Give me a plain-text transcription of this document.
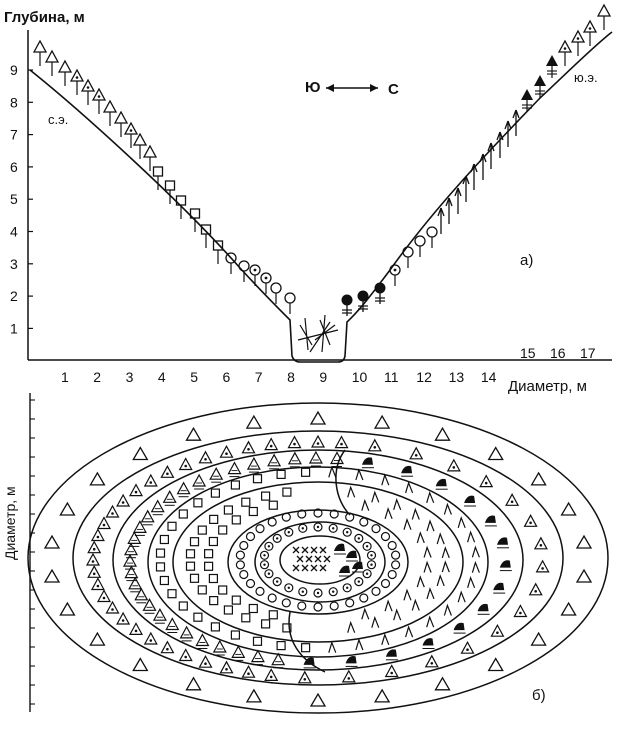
9
8
7
6
5
4
3
2
1
1 2 3 4 5 6 7 8 9 10 11 12 13 14
15 16 17
Глубина, м
Диаметр, м
с.э.
ю.э.
а)
Ю	С
Диаметр, м
б)
